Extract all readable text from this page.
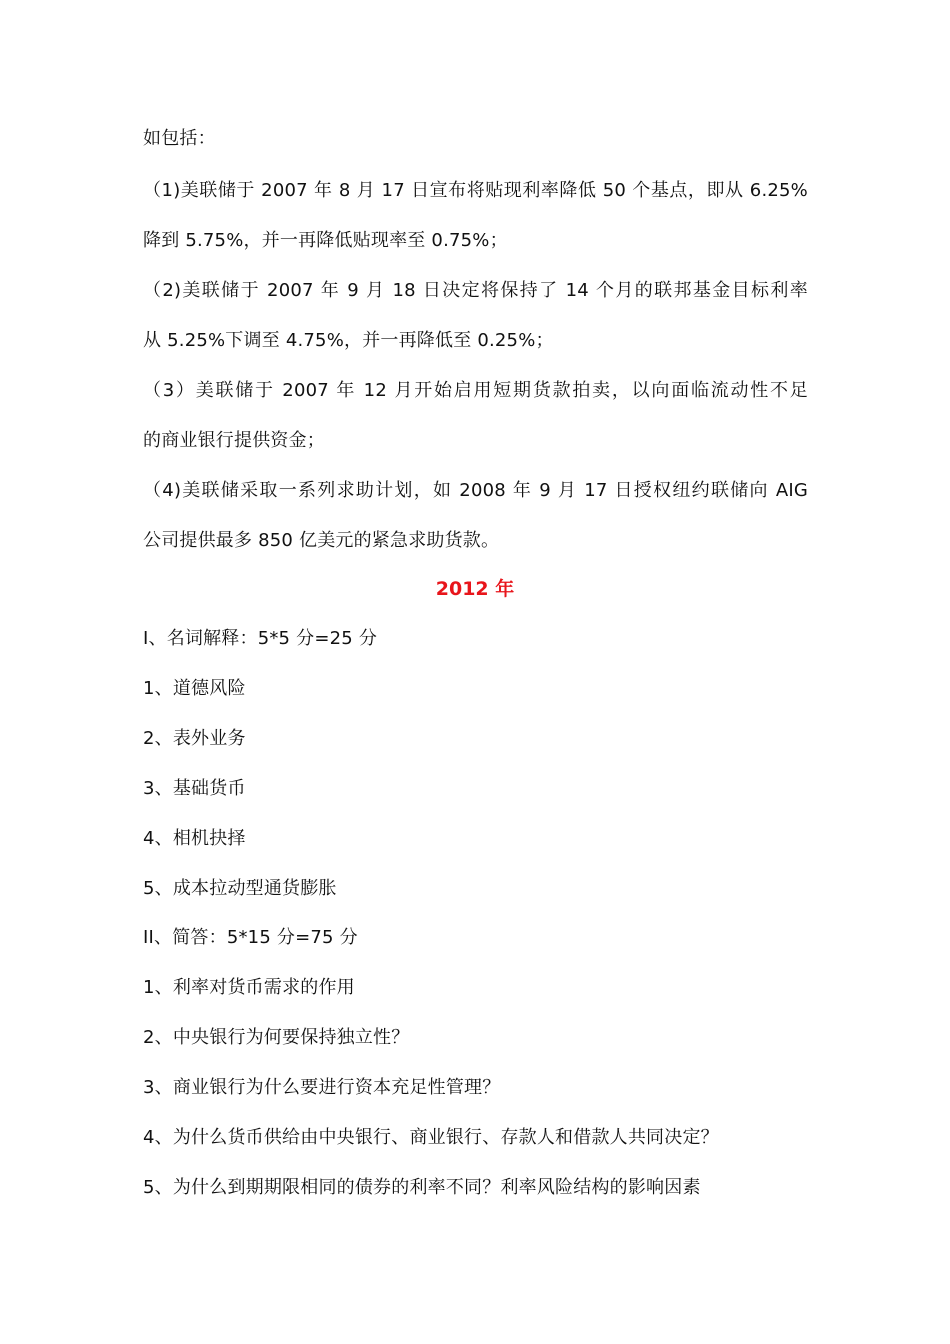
如包括：
（1)美联储于 2007 年 8 月 17 日宣布将贴现利率降低 50 个基点，即从 6.25%
降到 5.75%，并一再降低贴现率至 0.75%；
（2)美联储于 2007 年 9 月 18 日决定将保持了 14 个月的联邦基金目标利率
从 5.25%下调至 4.75%，并一再降低至 0.25%；
（3）美联储于 2007 年 12 月开始启用短期货款拍卖，以向面临流动性不足
的商业银行提供资金；
（4)美联储采取一系列求助计划，如 2008 年 9 月 17 日授权纽约联储向 AIG
公司提供最多 850 亿美元的紧急求助货款。
2012 年
I、名词解释：5*5 分=25 分
1、道德风险
2、表外业务
3、基础货币
4、相机抉择
5、成本拉动型通货膨胀
II、简答：5*15 分=75 分
1、利率对货币需求的作用
2、中央银行为何要保持独立性？
3、商业银行为什么要进行资本充足性管理？
4、为什么货币供给由中央银行、商业银行、存款人和借款人共同决定？
5、为什么到期期限相同的债券的利率不同？利率风险结构的影响因素
